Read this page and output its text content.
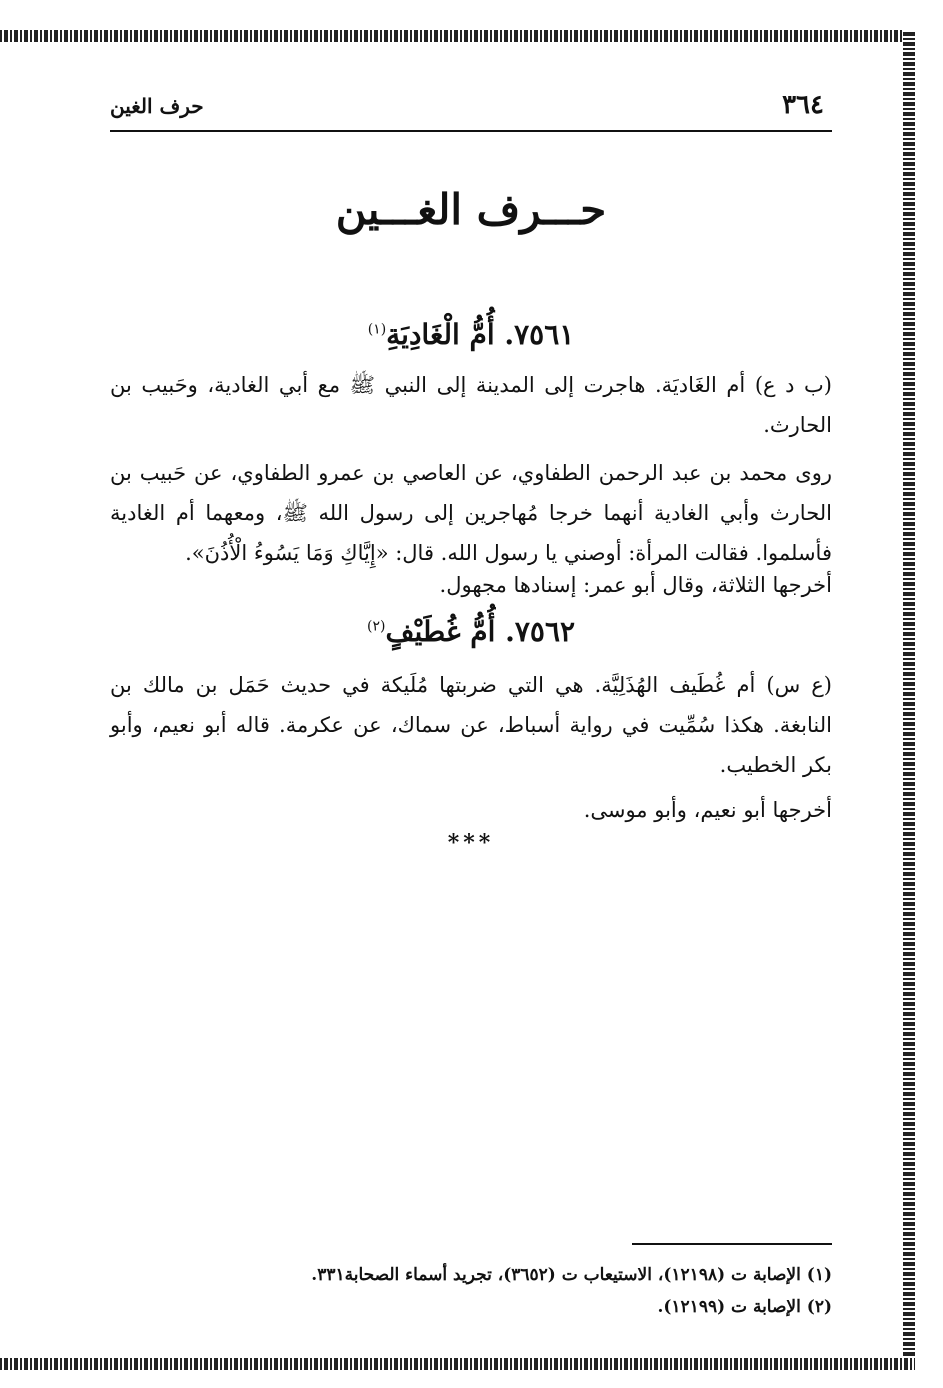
٣٦٤
حرف الغين
حـــرف الغـــين
٧٥٦١. أُمُّ الْغَادِيَةِ$^{(١)}$
(ب د ع) أم الغَاديَة. هاجرت إلى المدينة إلى النبي ﷺ مع أبي الغادية، وحَبيب بن الحارث.
روى محمد بن عبد الرحمن الطفاوي، عن العاصي بن عمرو الطفاوي، عن حَبيب بن الحارث وأبي الغادية أنهما خرجا مُهاجرين إلى رسول الله ﷺ، ومعهما أم الغادية فأسلموا. فقالت المرأة: أوصني يا رسول الله. قال: «إِيَّاكِ وَمَا يَسُوءُ الْأُذُنَ».
أخرجها الثلاثة، وقال أبو عمر: إسنادها مجهول.
٧٥٦٢. أُمُّ غُطَيْفٍ$^{(٢)}$
(ع س) أم غُطَيف الهُذَلِيَّة. هي التي ضربتها مُلَيكة في حديث حَمَل بن مالك بن النابغة. هكذا سُمِّيت في رواية أسباط، عن سماك، عن عكرمة. قاله أبو نعيم، وأبو بكر الخطيب.
أخرجها أبو نعيم، وأبو موسى.
***
(١) الإصابة ت (١٢١٩٨)، الاستيعاب ت (٣٦٥٢)، تجريد أسماء الصحابة٣٣١.
(٢) الإصابة ت (١٢١٩٩).
